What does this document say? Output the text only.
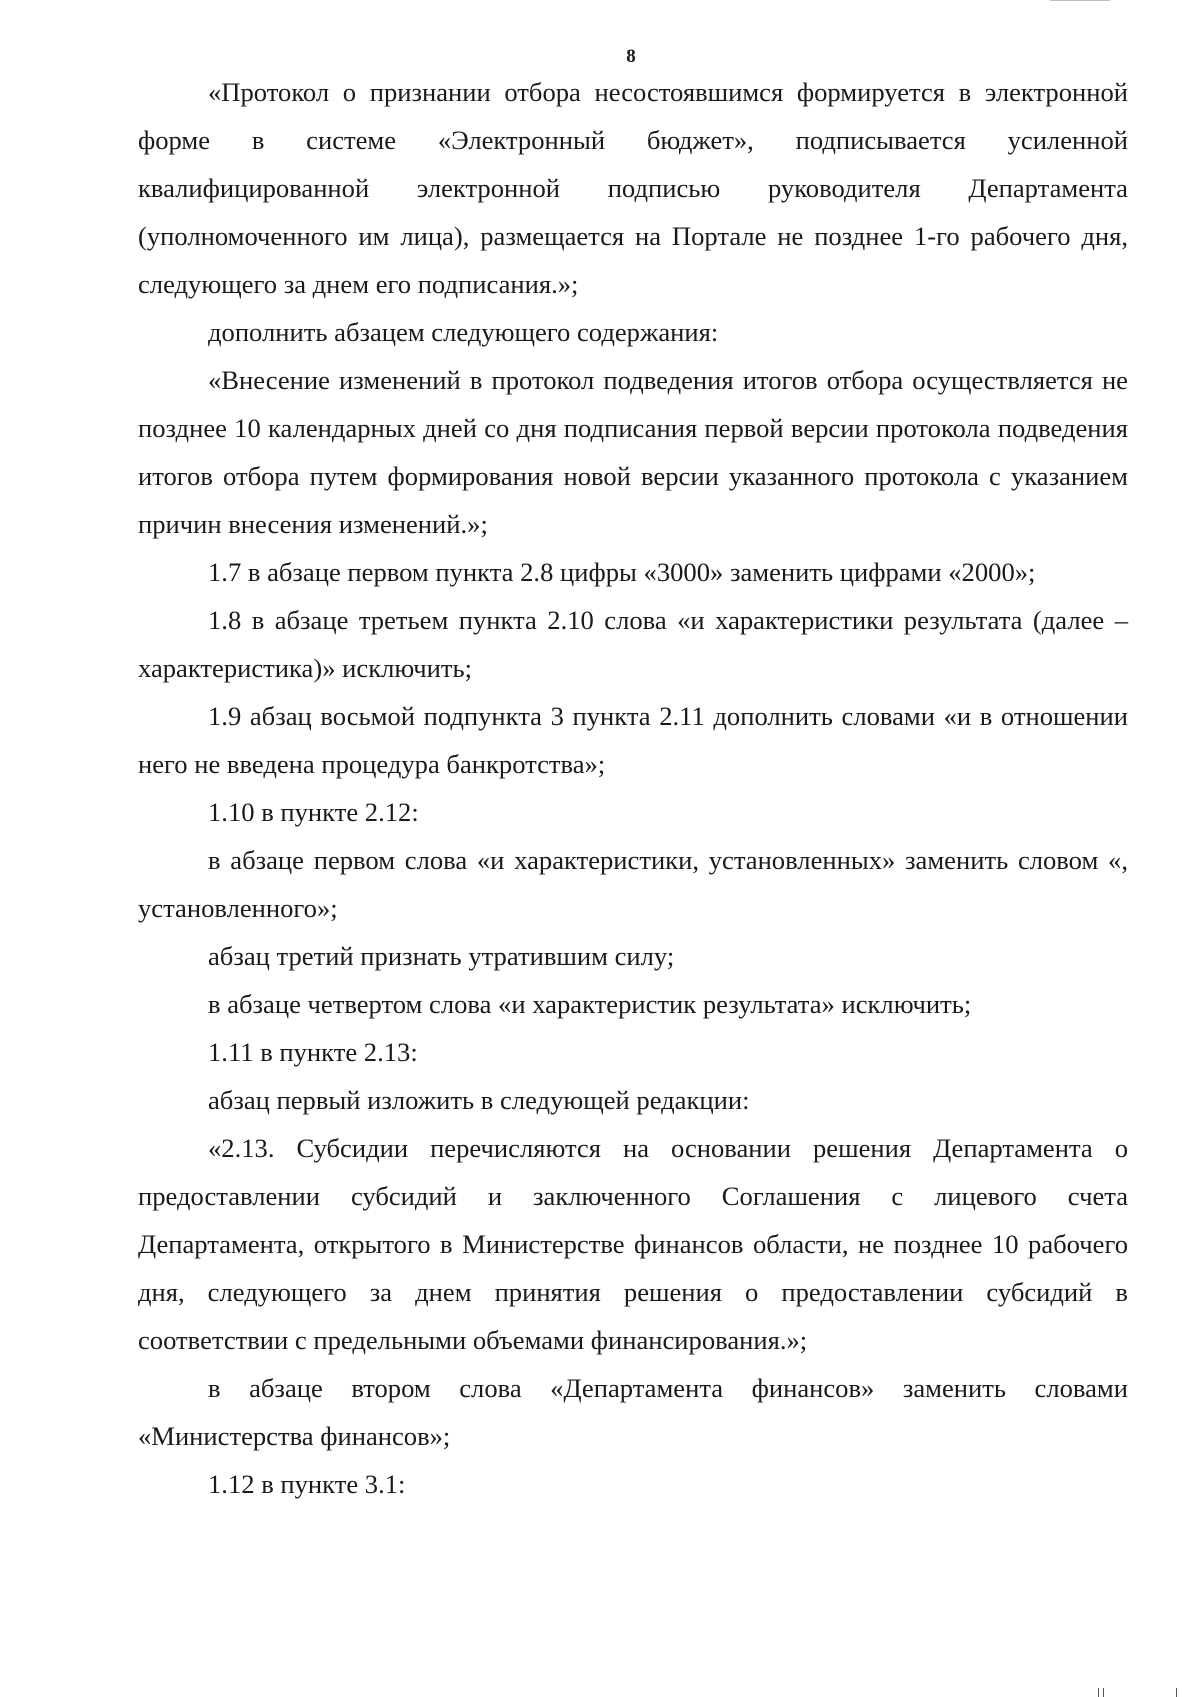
8

«Протокол о признании отбора несостоявшимся формируется в электронной форме в системе «Электронный бюджет», подписывается усиленной квалифицированной электронной подписью руководителя Департамента (уполномоченного им лица), размещается на Портале не позднее 1-го рабочего дня, следующего за днем его подписания.»;

дополнить абзацем следующего содержания:

«Внесение изменений в протокол подведения итогов отбора осуществляется не позднее 10 календарных дней со дня подписания первой версии протокола подведения итогов отбора путем формирования новой версии указанного протокола с указанием причин внесения изменений.»;

1.7 в абзаце первом пункта 2.8 цифры «3000» заменить цифрами «2000»;

1.8 в абзаце третьем пункта 2.10 слова «и характеристики результата (далее – характеристика)» исключить;

1.9 абзац восьмой подпункта 3 пункта 2.11 дополнить словами «и в отношении него не введена процедура банкротства»;

1.10 в пункте 2.12:

в абзаце первом слова «и характеристики, установленных» заменить словом «, установленного»;

абзац третий признать утратившим силу;

в абзаце четвертом слова «и характеристик результата» исключить;

1.11 в пункте 2.13:

абзац первый изложить в следующей редакции:

«2.13. Субсидии перечисляются на основании решения Департамента о предоставлении субсидий и заключенного Соглашения с лицевого счета Департамента, открытого в Министерстве финансов области, не позднее 10 рабочего дня, следующего за днем принятия решения о предоставлении субсидий в соответствии с предельными объемами финансирования.»;

в абзаце втором слова «Департамента финансов» заменить словами «Министерства финансов»;

1.12 в пункте 3.1:
